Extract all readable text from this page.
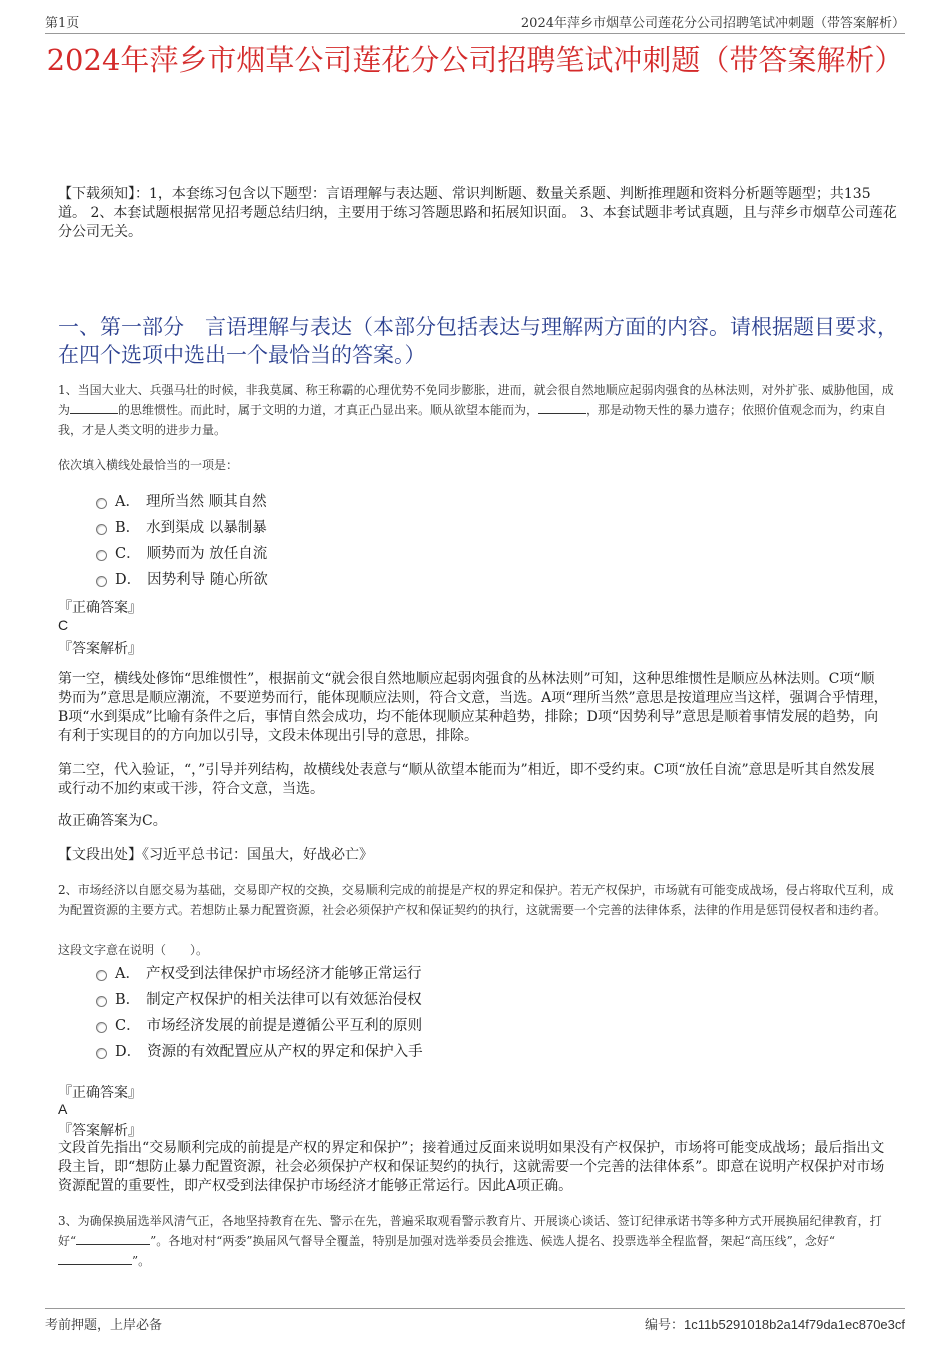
第1页	2024年萍乡市烟草公司莲花分公司招聘笔试冲刺题（带答案解析）
2024年萍乡市烟草公司莲花分公司招聘笔试冲刺题（带答案解析）
【下载须知】：1，本套练习包含以下题型：言语理解与表达题、常识判断题、数量关系题、判断推理题和资料分析题等题型；共135道。 2、本套试题根据常见招考题总结归纳，主要用于练习答题思路和拓展知识面。 3、本套试题非考试真题，且与萍乡市烟草公司莲花分公司无关。
一、第一部分　言语理解与表达（本部分包括表达与理解两方面的内容。请根据题目要求，在四个选项中选出一个最恰当的答案。）
1、当国大业大、兵强马壮的时候，非我莫属、称王称霸的心理优势不免同步膨胀，进而，就会很自然地顺应起弱肉强食的丛林法则，对外扩张、威胁他国，成为	的思维惯性。而此时，属于文明的力道，才真正凸显出来。顺从欲望本能而为，	，那是动物天性的暴力遗存；依照价值观念而为，约束自我，才是人类文明的进步力量。
依次填入横线处最恰当的一项是：
A． 理所当然 顺其自然
B． 水到渠成 以暴制暴
C． 顺势而为 放任自流
D． 因势利导 随心所欲
『正确答案』
C
『答案解析』
第一空，横线处修饰“思维惯性”，根据前文“就会很自然地顺应起弱肉强食的丛林法则”可知，这种思维惯性是顺应丛林法则。C项“顺势而为”意思是顺应潮流，不要逆势而行，能体现顺应法则，符合文意，当选。A项“理所当然”意思是按道理应当这样，强调合乎情理，B项“水到渠成”比喻有条件之后，事情自然会成功，均不能体现顺应某种趋势，排除；D项“因势利导”意思是顺着事情发展的趋势，向有利于实现目的的方向加以引导，文段未体现出引导的意思，排除。
第二空，代入验证，“，”引导并列结构，故横线处表意与“顺从欲望本能而为”相近，即不受约束。C项“放任自流”意思是听其自然发展或行动不加约束或干涉，符合文意，当选。
故正确答案为C。
【文段出处】《习近平总书记：国虽大，好战必亡》
2、市场经济以自愿交易为基础，交易即产权的交换，交易顺利完成的前提是产权的界定和保护。若无产权保护，市场就有可能变成战场，侵占将取代互利，成为配置资源的主要方式。若想防止暴力配置资源，社会必须保护产权和保证契约的执行，这就需要一个完善的法律体系，法律的作用是惩罚侵权者和违约者。
这段文字意在说明（　　）。
A． 产权受到法律保护市场经济才能够正常运行
B． 制定产权保护的相关法律可以有效惩治侵权
C． 市场经济发展的前提是遵循公平互利的原则
D． 资源的有效配置应从产权的界定和保护入手
『正确答案』
A
『答案解析』
文段首先指出“交易顺利完成的前提是产权的界定和保护”；接着通过反面来说明如果没有产权保护，市场将可能变成战场；最后指出文段主旨，即“想防止暴力配置资源，社会必须保护产权和保证契约的执行，这就需要一个完善的法律体系”。即意在说明产权保护对市场资源配置的重要性，即产权受到法律保护市场经济才能够正常运行。因此A项正确。
3、为确保换届选举风清气正，各地坚持教育在先、警示在先，普遍采取观看警示教育片、开展谈心谈话、签订纪律承诺书等多种方式开展换届纪律教育，打好“	”。各地对村“两委”换届风气督导全覆盖，特别是加强对选举委员会推选、候选人提名、投票选举全程监督，架起“高压线”，念好“”。
考前押题，上岸必备	编号：1c11b5291018b2a14f79da1ec870e3cf
